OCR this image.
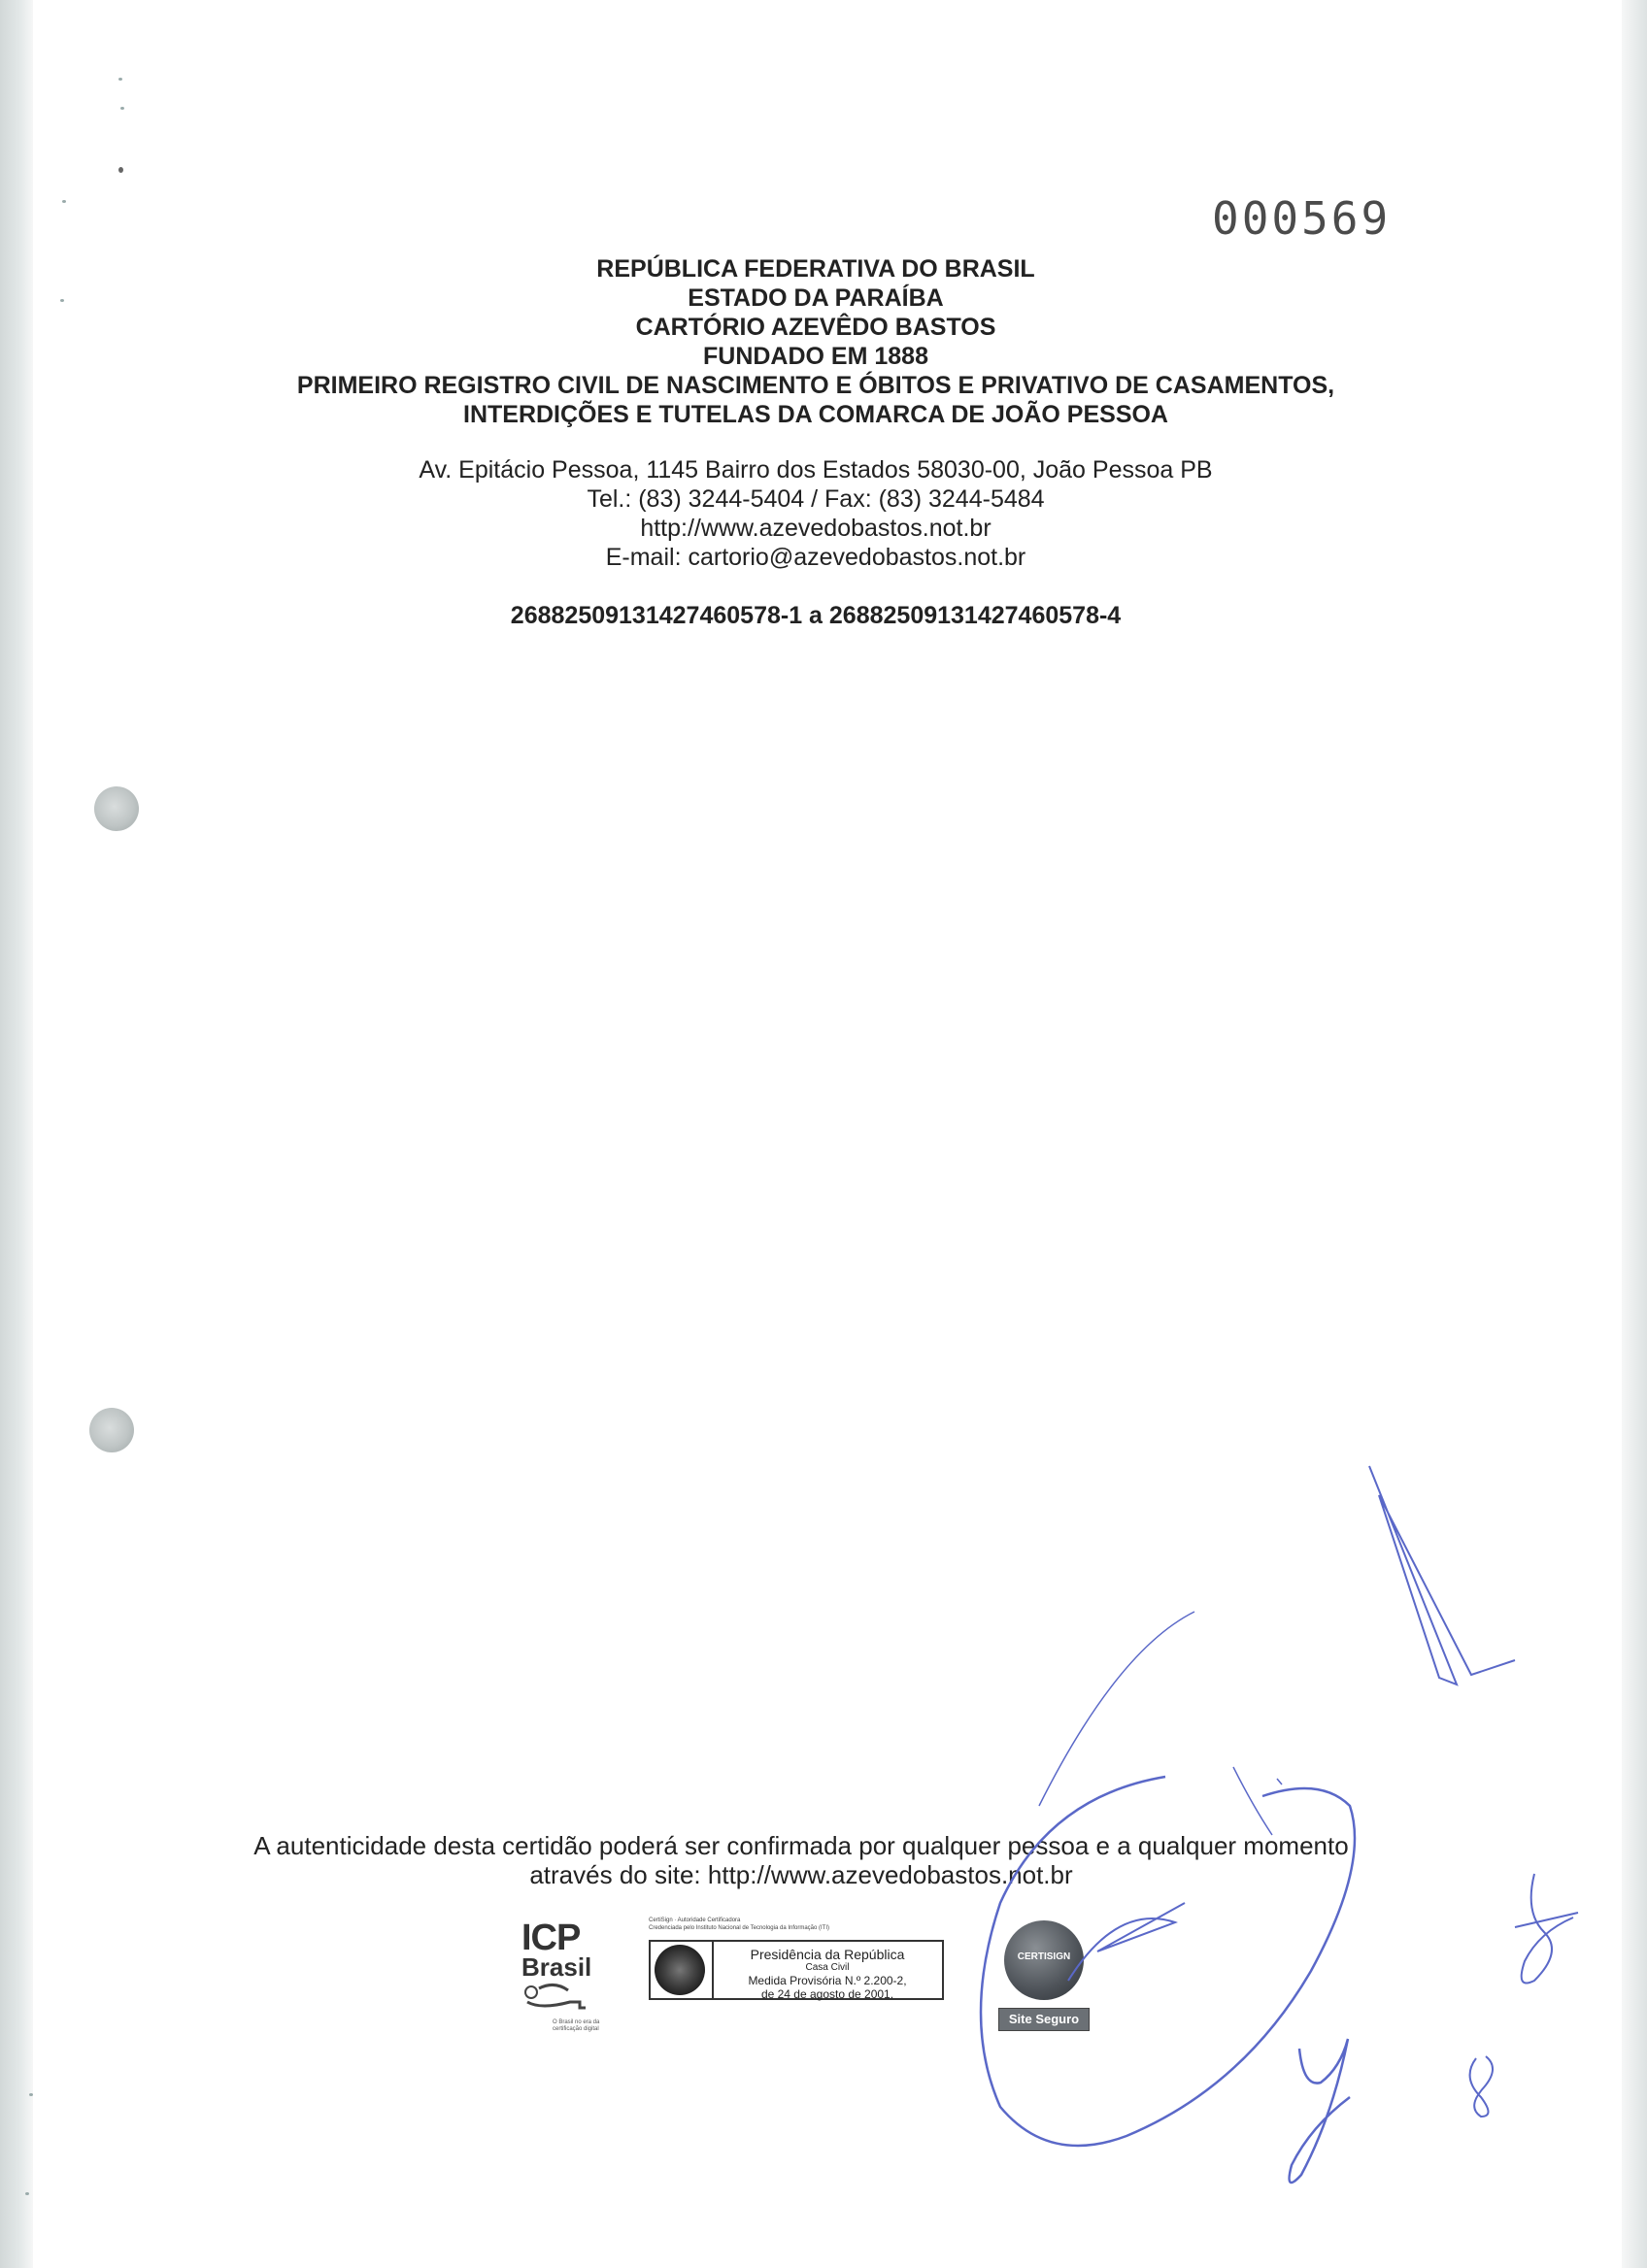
000569
REPÚBLICA FEDERATIVA DO BRASIL
ESTADO DA PARAÍBA
CARTÓRIO AZEVÊDO BASTOS
FUNDADO EM 1888
PRIMEIRO REGISTRO CIVIL DE NASCIMENTO E ÓBITOS E PRIVATIVO DE CASAMENTOS,
INTERDIÇÕES E TUTELAS DA COMARCA DE JOÃO PESSOA
Av. Epitácio Pessoa, 1145 Bairro dos Estados 58030-00, João Pessoa PB
Tel.: (83) 3244-5404 / Fax: (83) 3244-5484
http://www.azevedobastos.not.br
E-mail: cartorio@azevedobastos.not.br
26882509131427460578-1 a 26882509131427460578-4
A autenticidade desta certidão poderá ser confirmada por qualquer pessoa e a qualquer momento
através do site: http://www.azevedobastos.not.br
ICP
Brasil
O Brasil no era da certificação digital
CertiSign · Autoridade Certificadora
Credenciada pelo Instituto Nacional de Tecnologia da Informação (ITI)
Presidência da República
Casa Civil
Medida Provisória N.º 2.200-2,
de 24 de agosto de 2001.
CERTISIGN
Site Seguro
